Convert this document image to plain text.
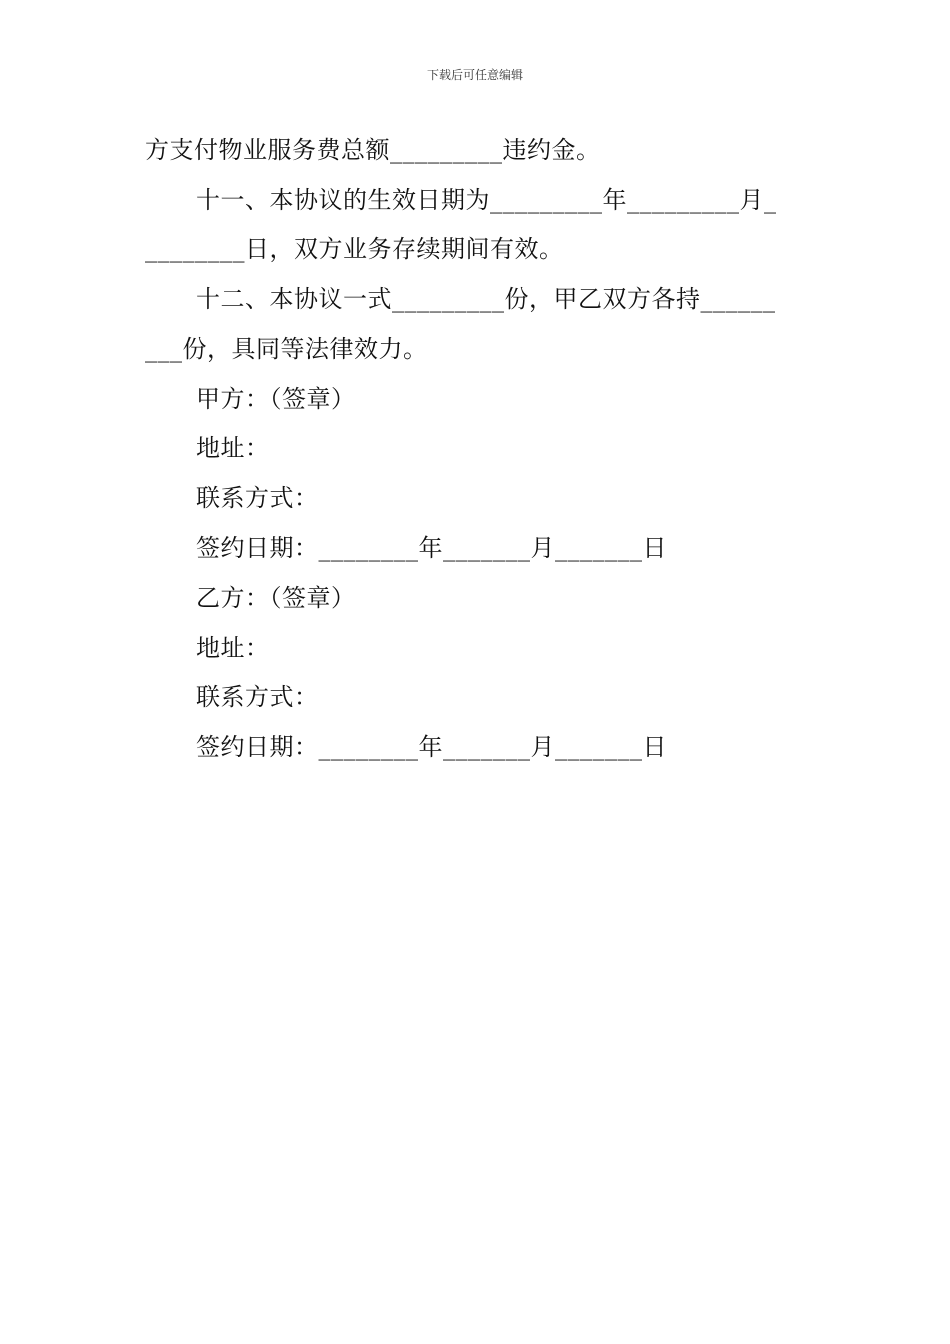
下载后可任意编辑
方支付物业服务费总额_________违约金。
十一、本协议的生效日期为_________年_________月_
________日，双方业务存续期间有效。
十二、本协议一式_________份，甲乙双方各持______
___份，具同等法律效力。
甲方：（签章）
地址：
联系方式：
签约日期：________年_______月_______日
乙方：（签章）
地址：
联系方式：
签约日期：________年_______月_______日
